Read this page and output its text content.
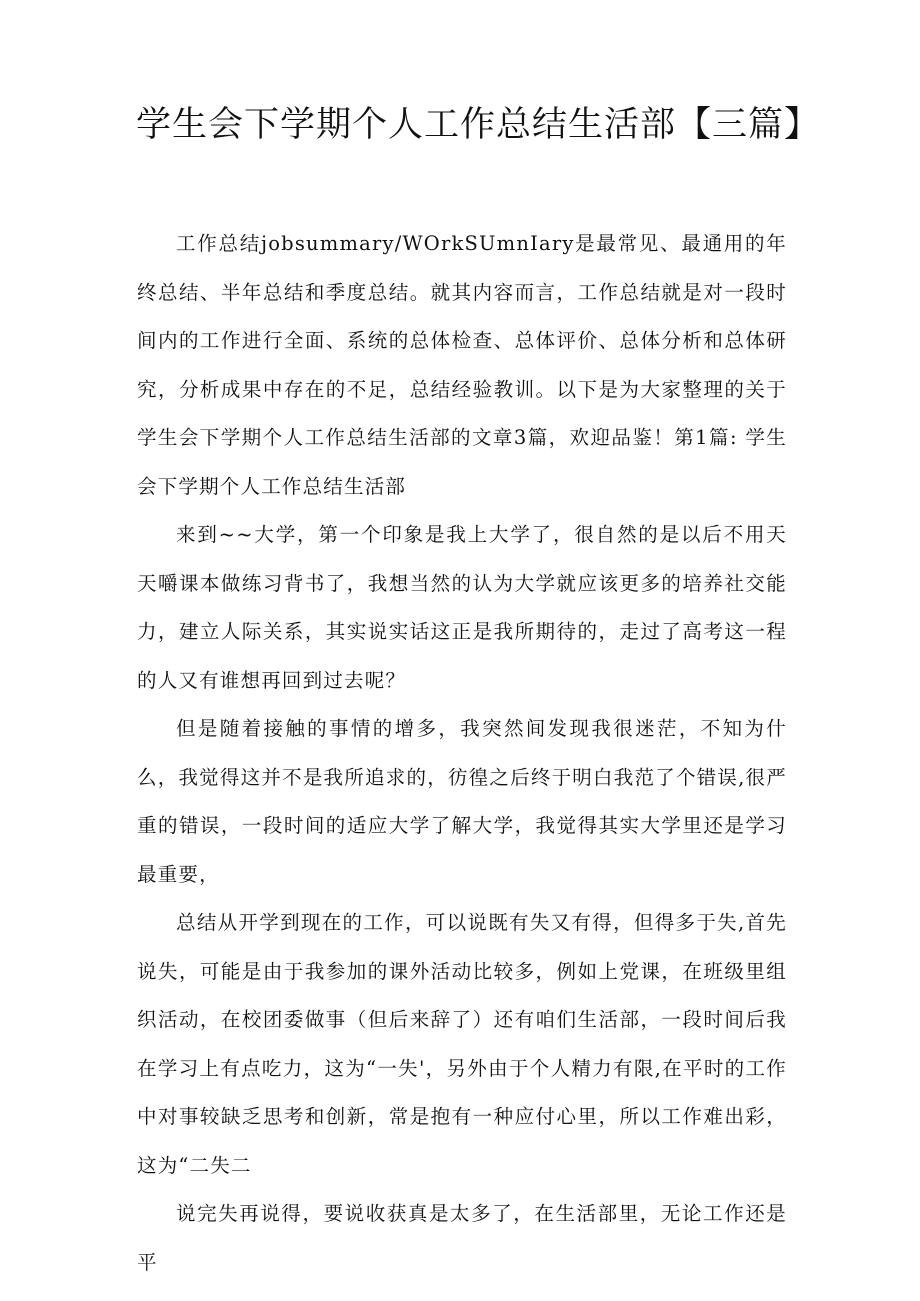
学生会下学期个人工作总结生活部【三篇】

工作总结jobsummary/WOrkSUmnIary是最常见、最通用的年终总结、半年总结和季度总结。就其内容而言，工作总结就是对一段时间内的工作进行全面、系统的总体检查、总体评价、总体分析和总体研究，分析成果中存在的不足，总结经验教训。以下是为大家整理的关于学生会下学期个人工作总结生活部的文章3篇，欢迎品鉴！第1篇: 学生会下学期个人工作总结生活部

来到~~大学，第一个印象是我上大学了，很自然的是以后不用天天嚼课本做练习背书了，我想当然的认为大学就应该更多的培养社交能力，建立人际关系，其实说实话这正是我所期待的，走过了高考这一程的人又有谁想再回到过去呢？

但是随着接触的事情的增多，我突然间发现我很迷茫，不知为什么，我觉得这并不是我所追求的，彷徨之后终于明白我范了个错误,很严重的错误，一段时间的适应大学了解大学，我觉得其实大学里还是学习最重要，

总结从开学到现在的工作，可以说既有失又有得，但得多于失,首先说失，可能是由于我参加的课外活动比较多，例如上党课，在班级里组织活动，在校团委做事（但后来辞了）还有咱们生活部，一段时间后我在学习上有点吃力，这为“一失'，另外由于个人精力有限,在平时的工作中对事较缺乏思考和创新，常是抱有一种应付心里，所以工作难出彩，这为“二失二

说完失再说得，要说收获真是太多了，在生活部里，无论工作还是平
